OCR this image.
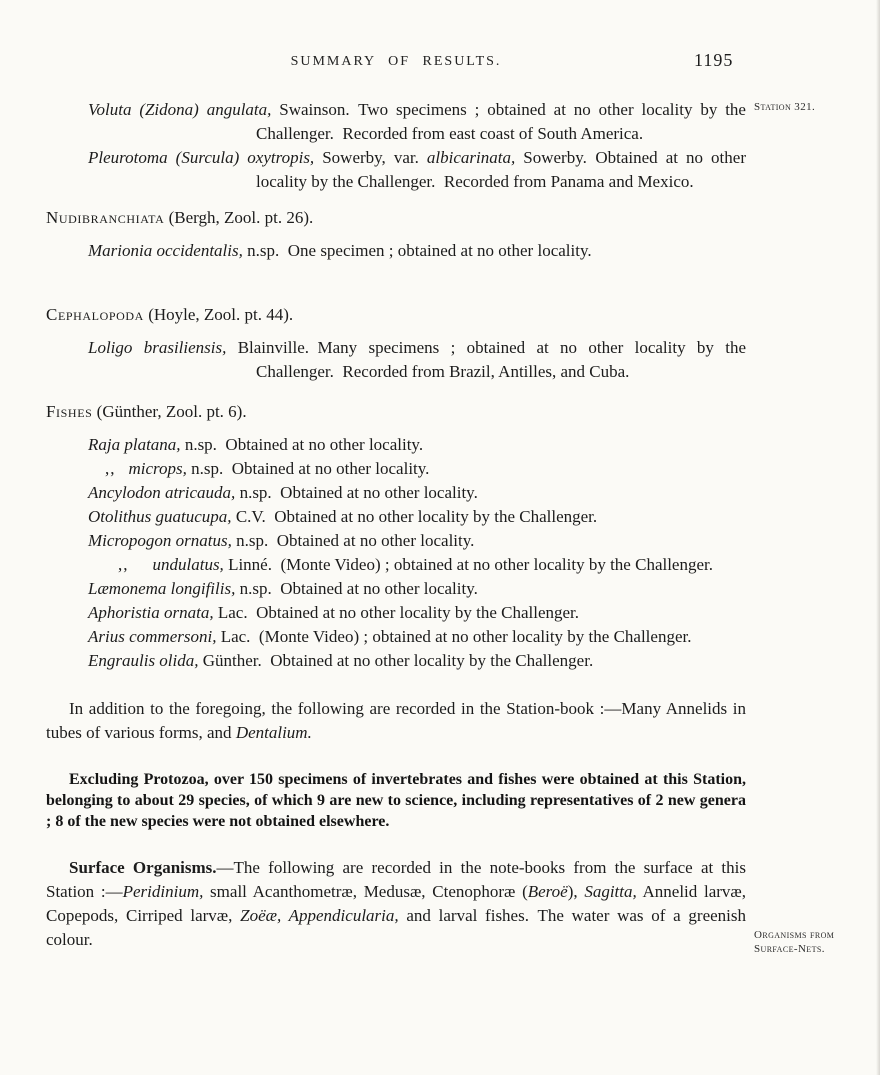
SUMMARY OF RESULTS.	1195

Voluta (Zidona) angulata, Swainson. Two specimens ; obtained at no other locality by the Challenger. Recorded from east coast of South America.

Pleurotoma (Surcula) oxytropis, Sowerby, var. albicarinata, Sowerby. Obtained at no other locality by the Challenger. Recorded from Panama and Mexico.

Nudibranchiata (Bergh, Zool. pt. 26).

Marionia occidentalis, n.sp. One specimen ; obtained at no other locality.

Cephalopoda (Hoyle, Zool. pt. 44).

Loligo brasiliensis, Blainville. Many specimens ; obtained at no other locality by the Challenger. Recorded from Brazil, Antilles, and Cuba.

Fishes (Günther, Zool. pt. 6).

Raja platana, n.sp. Obtained at no other locality.

,, microps, n.sp. Obtained at no other locality.

Ancylodon atricauda, n.sp. Obtained at no other locality.

Otolithus guatucupa, C.V. Obtained at no other locality by the Challenger.

Micropogon ornatus, n.sp. Obtained at no other locality.

,, undulatus, Linné. (Monte Video) ; obtained at no other locality by the Challenger.

Læmonema longifilis, n.sp. Obtained at no other locality.

Aphoristia ornata, Lac. Obtained at no other locality by the Challenger.

Arius commersoni, Lac. (Monte Video) ; obtained at no other locality by the Challenger.

Engraulis olida, Günther. Obtained at no other locality by the Challenger.

In addition to the foregoing, the following are recorded in the Station-book :—Many Annelids in tubes of various forms, and Dentalium.

Excluding Protozoa, over 150 specimens of invertebrates and fishes were obtained at this Station, belonging to about 29 species, of which 9 are new to science, including representatives of 2 new genera ; 8 of the new species were not obtained elsewhere.

Surface Organisms.—The following are recorded in the note-books from the surface at this Station :—Peridinium, small Acanthometræ, Medusæ, Ctenophoræ (Beroë), Sagitta, Annelid larvæ, Copepods, Cirriped larvæ, Zoëæ, Appendicularia, and larval fishes. The water was of a greenish colour.

Station 321.
Organisms from
Surface-Nets.
